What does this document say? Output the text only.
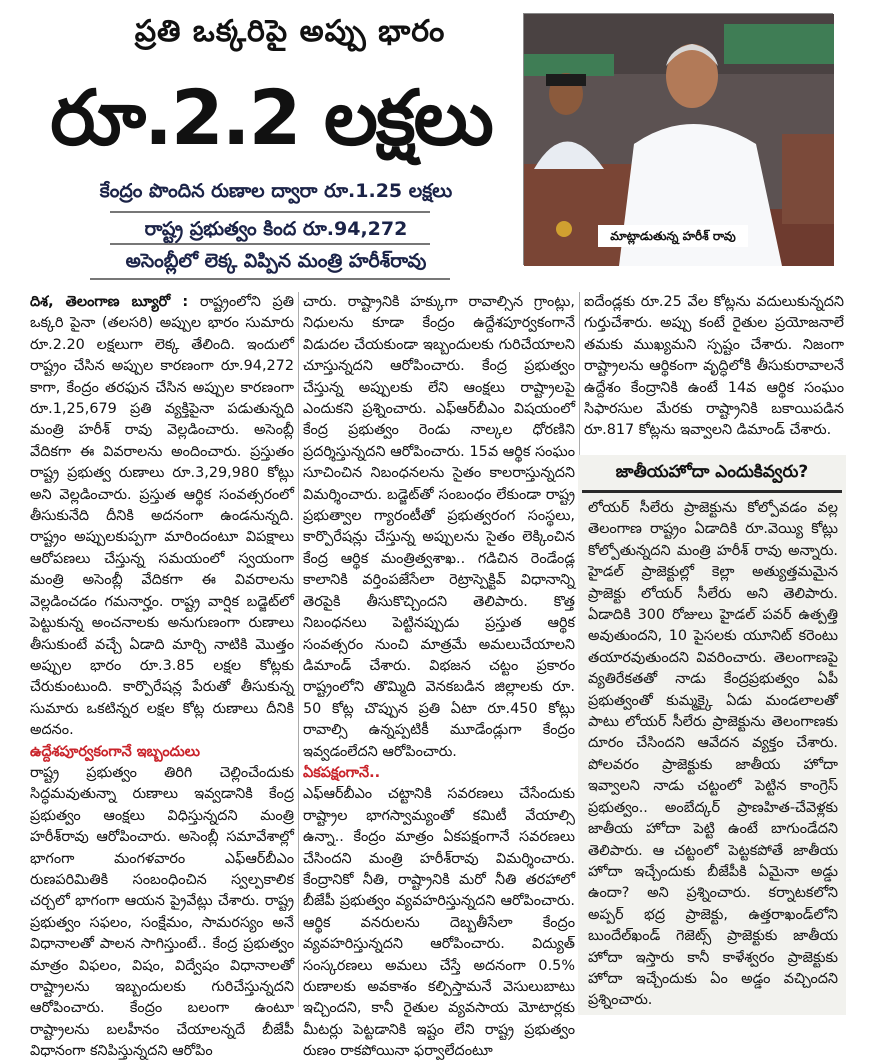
ప్రతి ఒక్కరిపై అప్పు భారం
రూ.2.2 లక్షలు
కేంద్రం పొందిన రుణాల ద్వారా రూ.1.25 లక్షలు
రాష్ట్ర ప్రభుత్వం కింద రూ.94,272
అసెంబ్లీలో లెక్క విప్పిన మంత్రి హరీశ్‌రావు
మాట్లాడుతున్న హరీశ్ రావు

దిశ, తెలంగాణ బ్యూరో : రాష్ట్రంలోని ప్రతి ఒక్కరి పైనా (తలసరి) అప్పుల భారం సుమారు రూ.2.20 లక్షలుగా లెక్క తేలింది. ఇందులో రాష్ట్రం చేసిన అప్పుల కారణంగా రూ.94,272 కాగా, కేంద్రం తరఫున చేసిన అప్పుల కారణంగా రూ.1,25,679 ప్రతి వ్యక్తిపైనా పడుతున్నది మంత్రి హరీశ్ రావు వెల్లడించారు. అసెంబ్లీ వేదికగా ఈ వివరాలను అందించారు. ప్రస్తుతం రాష్ట్ర ప్రభుత్వ రుణాలు రూ.3,29,980 కోట్లు అని వెల్లడించారు. ప్రస్తుత ఆర్థిక సంవత్సరంలో తీసుకునేది దీనికి అదనంగా ఉండనున్నది. రాష్ట్రం అప్పులకుప్పగా మారిందంటూ విపక్షాలు ఆరోపణలు చేస్తున్న సమయంలో స్వయంగా మంత్రి అసెంబ్లీ వేదికగా ఈ వివరాలను వెల్లడించడం గమనార్హం. రాష్ట్ర వార్షిక బడ్జెట్‌లో పెట్టుకున్న అంచనాలకు అనుగుణంగా రుణాలు తీసుకుంటే వచ్చే ఏడాది మార్చి నాటికి మొత్తం అప్పుల భారం రూ.3.85 లక్షల కోట్లకు చేరుకుంటుంది. కార్పొరేషన్ల పేరుతో తీసుకున్న సుమారు ఒకటిన్నర లక్షల కోట్ల రుణాలు దీనికి అదనం.

ఉద్దేశపూర్వకంగానే ఇబ్బందులు

రాష్ట్ర ప్రభుత్వం తిరిగి చెల్లించేందుకు సిద్ధమవుతున్నా రుణాలు ఇవ్వడానికి కేంద్ర ప్రభుత్వం ఆంక్షలు విధిస్తున్నదని మంత్రి హరీశ్‌రావు ఆరోపించారు. అసెంబ్లీ సమావేశాల్లో భాగంగా మంగళవారం ఎఫ్ఆర్‌బీఎం రుణపరిమితికి సంబంధించిన స్వల్పకాలిక చర్చలో భాగంగా ఆయన ప్రైవేట్లు చేశారు. రాష్ట్ర ప్రభుత్వం సఫలం, సంక్షేమం, సామరస్యం అనే విధానాలతో పాలన సాగిస్తుంటే.. కేంద్ర ప్రభుత్వం మాత్రం విఫలం, విషం, విద్వేషం విధానాలతో రాష్ట్రాలను ఇబ్బందులకు గురిచేస్తున్నదని ఆరోపించారు. కేంద్రం బలంగా ఉంటూ రాష్ట్రాలను బలహీనం చేయాలన్నదే బీజేపీ విధానంగా కనిపిస్తున్నదని ఆరోపిం

చారు. రాష్ట్రానికి హక్కుగా రావాల్సిన గ్రాంట్లు, నిధులను కూడా కేంద్రం ఉద్దేశపూర్వకంగానే విడుదల చేయకుండా ఇబ్బందులకు గురిచేయాలని చూస్తున్నదని ఆరోపించారు. కేంద్ర ప్రభుత్వం చేస్తున్న అప్పులకు లేని ఆంక్షలు రాష్ట్రాలపై ఎందుకని ప్రశ్నించారు. ఎఫ్ఆర్‌బీఎం విషయంలో కేంద్ర ప్రభుత్వం రెండు నాల్కల ధోరణిని ప్రదర్శిస్తున్నదని ఆరోపించారు. 15వ ఆర్థిక సంఘం సూచించిన నిబంధనలను సైతం కాలరాస్తున్నదని విమర్శించారు. బడ్జెట్‌తో సంబంధం లేకుండా రాష్ట్ర ప్రభుత్వాల గ్యారంటీతో ప్రభుత్వరంగ సంస్థలు, కార్పొరేషన్లు చేస్తున్న అప్పులను సైతం లెక్కించిన కేంద్ర ఆర్థిక మంత్రిత్వశాఖ.. గడిచిన రెండేండ్ల కాలానికి వర్తింపజేసేలా రెట్రాస్పెక్టివ్ విధానాన్ని తెరపైకి తీసుకొచ్చిందని తెలిపారు. కొత్త నిబంధనలు పెట్టినప్పుడు ప్రస్తుత ఆర్థిక సంవత్సరం నుంచి మాత్రమే అమలుచేయాలని డిమాండ్ చేశారు. విభజన చట్టం ప్రకారం రాష్ట్రంలోని తొమ్మిది వెనకబడిన జిల్లాలకు రూ. 50 కోట్ల చొప్పున ప్రతి ఏటా రూ.450 కోట్లు రావాల్సి ఉన్నప్పటికీ మూడేండ్లుగా కేంద్రం ఇవ్వడంలేదని ఆరోపించారు.

ఏకపక్షంగానే..

ఎఫ్ఆర్‌బీఎం చట్టానికి సవరణలు చేసేందుకు రాష్ట్రాల భాగస్వామ్యంతో కమిటీ వేయాల్సి ఉన్నా.. కేంద్రం మాత్రం ఏకపక్షంగానే సవరణలు చేసిందని మంత్రి హరీశ్‌రావు విమర్శించారు. కేంద్రానికో నీతి, రాష్ట్రానికి మరో నీతి తరహాలో బీజేపీ ప్రభుత్వం వ్యవహరిస్తున్నదని ఆరోపించారు. ఆర్థిక వనరులను దెబ్బతీసేలా కేంద్రం వ్యవహరిస్తున్నదని ఆరోపించారు. విద్యుత్ సంస్కరణలు అమలు చేస్తే అదనంగా 0.5% రుణాలకు అవకాశం కల్పిస్తామనే వెసులుబాటు ఇచ్చిందని, కానీ రైతుల వ్యవసాయ మోటార్లకు మీటర్లు పెట్టడానికి ఇష్టం లేని రాష్ట్ర ప్రభుత్వం రుణం రాకపోయినా ఫర్వాలేదంటూ

ఐదేండ్లకు రూ.25 వేల కోట్లను వదులుకున్నదని గుర్తుచేశారు. అప్పు కంటే రైతుల ప్రయోజనాలే తమకు ముఖ్యమని స్పష్టం చేశారు. నిజంగా రాష్ట్రాలను ఆర్థికంగా వృద్ధిలోకి తీసుకురావాలనే ఉద్దేశం కేంద్రానికి ఉంటే 14వ ఆర్థిక సంఘం సిఫారసుల మేరకు రాష్ట్రానికి బకాయిపడిన రూ.817 కోట్లను ఇవ్వాలని డిమాండ్ చేశారు.

జాతీయహోదా ఎందుకివ్వరు?
లోయర్ సీలేరు ప్రాజెక్టును కోల్పోవడం వల్ల తెలంగాణ రాష్ట్రం ఏడాదికి రూ.వెయ్యి కోట్లు కోల్పోతున్నదని మంత్రి హరీశ్ రావు అన్నారు. హైడల్ ప్రాజెక్టుల్లో కెల్లా అత్యుత్తమమైన ప్రాజెక్టు లోయర్ సీలేరు అని తెలిపారు. ఏడాదికి 300 రోజులు హైడల్ పవర్ ఉత్పత్తి అవుతుందని, 10 పైసలకు యూనిట్ కరెంటు తయారవుతుందని వివరించారు. తెలంగాణపై వ్యతిరేకతతో నాడు కేంద్రప్రభుత్వం ఏపీ ప్రభుత్వంతో కుమ్మక్కై ఏడు మండలాలతో పాటు లోయర్ సీలేరు ప్రాజెక్టును తెలంగాణకు దూరం చేసిందని ఆవేదన వ్యక్తం చేశారు. పోలవరం ప్రాజెక్టుకు జాతీయ హోదా ఇవ్వాలని నాడు చట్టంలో పెట్టిన కాంగ్రెస్ ప్రభుత్వం.. అంబేద్కర్ ప్రాణహిత-చేవెళ్లకు జాతీయ హోదా పెట్టి ఉంటే బాగుండేదని తెలిపారు. ఆ చట్టంలో పెట్టకపోతే జాతీయ హోదా ఇచ్చేందుకు బీజేపీకి ఏమైనా అడ్డు ఉందా? అని ప్రశ్నించారు. కర్నాటకలోని అప్పర్ భద్ర ప్రాజెక్టు, ఉత్తరాఖండ్‌లోని బుందేల్‌ఖండ్ గెజెట్స్ ప్రాజెక్టుకు జాతీయ హోదా ఇస్తారు కానీ కాళేశ్వరం ప్రాజెక్టుకు హోదా ఇచ్చేందుకు ఏం అడ్డం వచ్చిందని ప్రశ్నించారు.
